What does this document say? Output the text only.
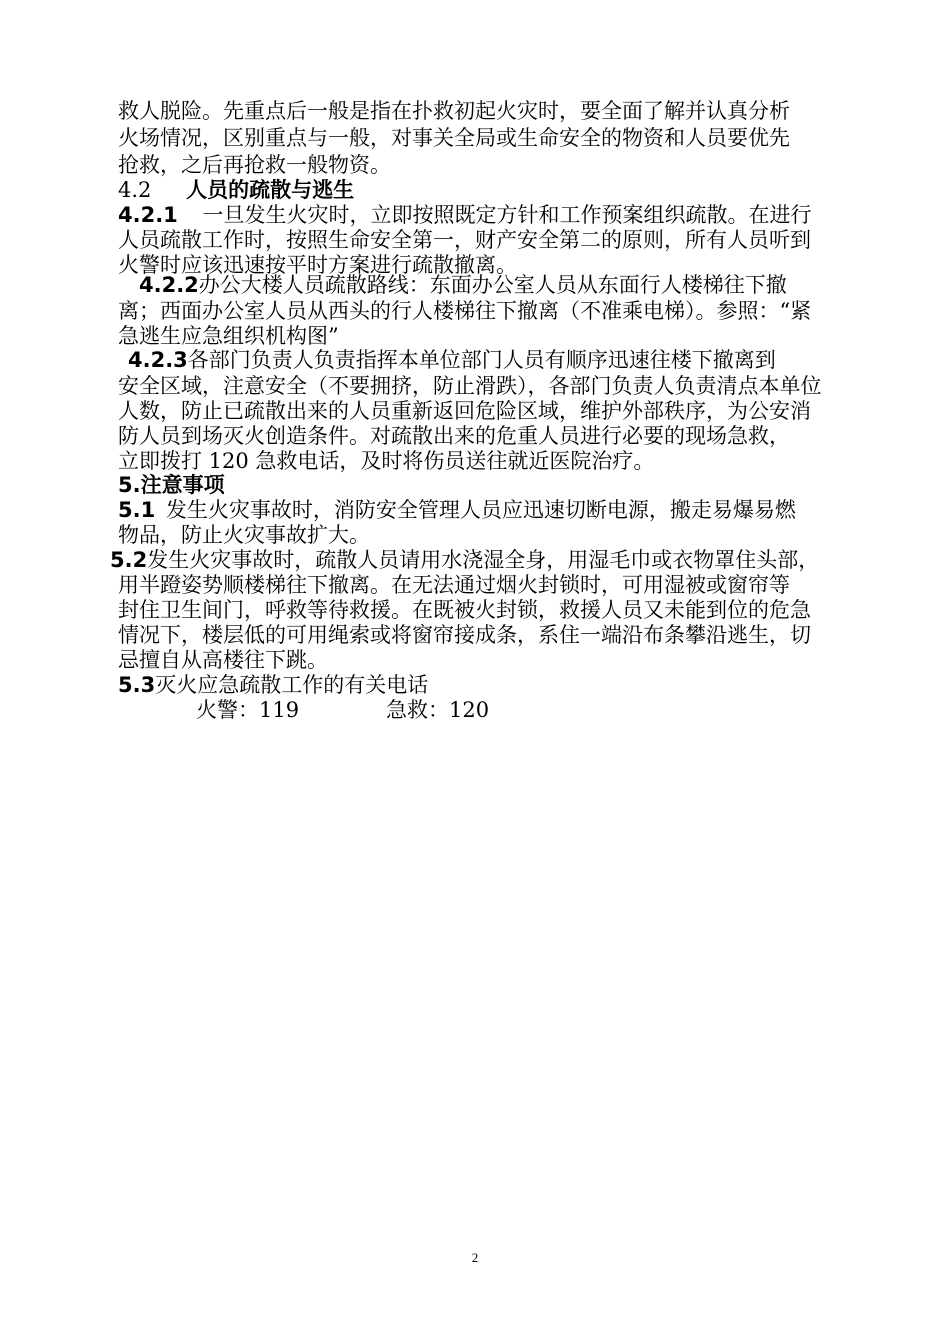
救人脱险。先重点后一般是指在扑救初起火灾时，要全面了解并认真分析
火场情况，区别重点与一般，对事关全局或生命安全的物资和人员要优先
抢救，之后再抢救一般物资。
4.2 人员的疏散与逃生
4.2.1 一旦发生火灾时，立即按照既定方针和工作预案组织疏散。在进行
人员疏散工作时，按照生命安全第一，财产安全第二的原则，所有人员听到
火警时应该迅速按平时方案进行疏散撤离。
4.2.2办公大楼人员疏散路线：东面办公室人员从东面行人楼梯往下撤
离；西面办公室人员从西头的行人楼梯往下撤离（不准乘电梯）。参照：“紧
急逃生应急组织机构图”
4.2.3各部门负责人负责指挥本单位部门人员有顺序迅速往楼下撤离到
安全区域，注意安全（不要拥挤，防止滑跌），各部门负责人负责清点本单位
人数，防止已疏散出来的人员重新返回危险区域，维护外部秩序，为公安消
防人员到场灭火创造条件。对疏散出来的危重人员进行必要的现场急救，
立即拨打 120 急救电话，及时将伤员送往就近医院治疗。
5.注意事项
5.1 发生火灾事故时，消防安全管理人员应迅速切断电源，搬走易爆易燃
物品，防止火灾事故扩大。
5.2发生火灾事故时，疏散人员请用水浇湿全身，用湿毛巾或衣物罩住头部，
用半蹬姿势顺楼梯往下撤离。在无法通过烟火封锁时，可用湿被或窗帘等
封住卫生间门，呼救等待救援。在既被火封锁，救援人员又未能到位的危急
情况下，楼层低的可用绳索或将窗帘接成条，系住一端沿布条攀沿逃生，切
忌擅自从高楼往下跳。
5.3灭火应急疏散工作的有关电话
火警：119	急救：120
2
